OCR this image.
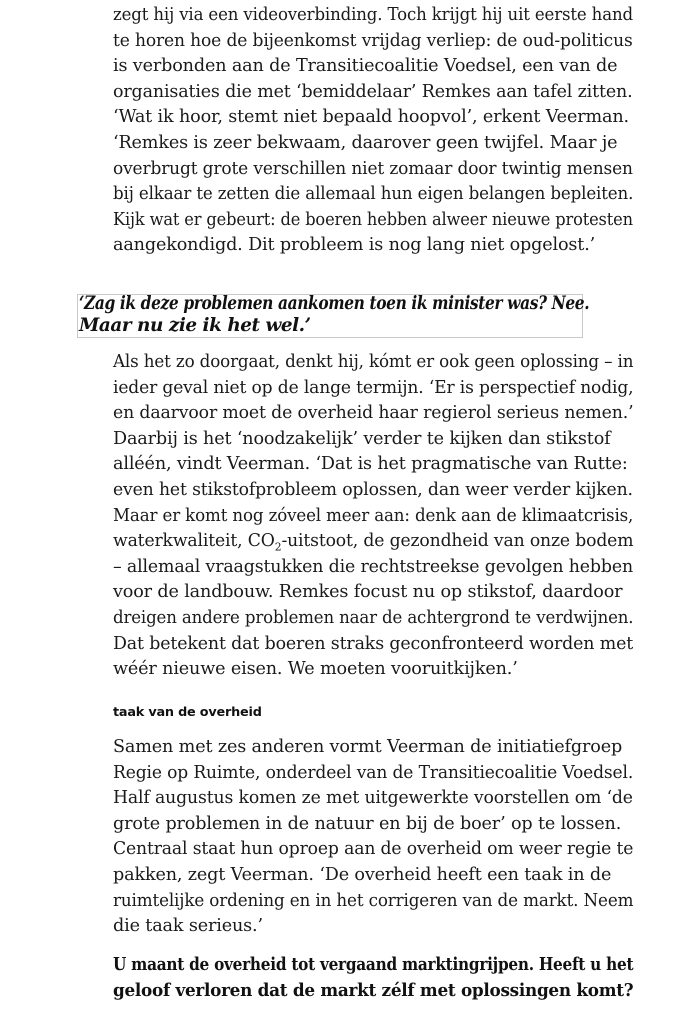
zegt hij via een videoverbinding. Toch krijgt hij uit eerste hand
te horen hoe de bijeenkomst vrijdag verliep: de oud-politicus
is verbonden aan de Transitiecoalitie Voedsel, een van de
organisaties die met ‘bemiddelaar’ Remkes aan tafel zitten.
‘Wat ik hoor, stemt niet bepaald hoopvol’, erkent Veerman.
‘Remkes is zeer bekwaam, daarover geen twijfel. Maar je
overbrugt grote verschillen niet zomaar door twintig mensen
bij elkaar te zetten die allemaal hun eigen belangen bepleiten.
Kijk wat er gebeurt: de boeren hebben alweer nieuwe protesten
aangekondigd. Dit probleem is nog lang niet opgelost.’
‘Zag ik deze problemen aankomen toen ik minister was? Nee.
Maar nu zie ik het wel.’
Als het zo doorgaat, denkt hij, kómt er ook geen oplossing – in
ieder geval niet op de lange termijn. ‘Er is perspectief nodig,
en daarvoor moet de overheid haar regierol serieus nemen.’
Daarbij is het ‘noodzakelijk’ verder te kijken dan stikstof
alléén, vindt Veerman. ‘Dat is het pragmatische van Rutte:
even het stikstofprobleem oplossen, dan weer verder kijken.
Maar er komt nog zóveel meer aan: denk aan de klimaatcrisis,
waterkwaliteit, $CO_2$-uitstoot, de gezondheid van onze bodem
– allemaal vraagstukken die rechtstreekse gevolgen hebben
voor de landbouw. Remkes focust nu op stikstof, daardoor
dreigen andere problemen naar de achtergrond te verdwijnen.
Dat betekent dat boeren straks geconfronteerd worden met
wéér nieuwe eisen. We moeten vooruitkijken.’
taak van de overheid
Samen met zes anderen vormt Veerman de initiatiefgroep
Regie op Ruimte, onderdeel van de Transitiecoalitie Voedsel.
Half augustus komen ze met uitgewerkte voorstellen om ‘de
grote problemen in de natuur en bij de boer’ op te lossen.
Centraal staat hun oproep aan de overheid om weer regie te
pakken, zegt Veerman. ‘De overheid heeft een taak in de
ruimtelijke ordening en in het corrigeren van de markt. Neem
die taak serieus.’
U maant de overheid tot vergaand marktingrijpen. Heeft u het
geloof verloren dat de markt zélf met oplossingen komt?
